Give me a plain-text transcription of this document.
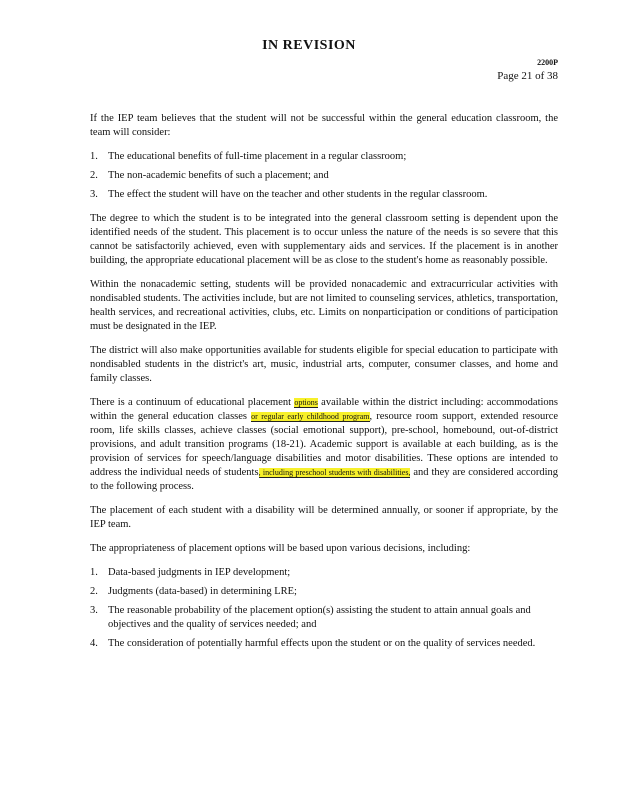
IN REVISION
2200P
Page 21 of 38

If the IEP team believes that the student will not be successful within the general education classroom, the team will consider:

1. The educational benefits of full-time placement in a regular classroom;
2. The non-academic benefits of such a placement; and
3. The effect the student will have on the teacher and other students in the regular classroom.

The degree to which the student is to be integrated into the general classroom setting is dependent upon the identified needs of the student. This placement is to occur unless the nature of the needs is so severe that this cannot be satisfactorily achieved, even with supplementary aids and services. If the placement is in another building, the appropriate educational placement will be as close to the student's home as reasonably possible.

Within the nonacademic setting, students will be provided nonacademic and extracurricular activities with nondisabled students. The activities include, but are not limited to counseling services, athletics, transportation, health services, and recreational activities, clubs, etc. Limits on nonparticipation or conditions of participation must be designated in the IEP.

The district will also make opportunities available for students eligible for special education to participate with nondisabled students in the district's art, music, industrial arts, computer, consumer classes, and home and family classes.

There is a continuum of educational placement options available within the district including: accommodations within the general education classes or regular early childhood program, resource room support, extended resource room, life skills classes, achieve classes (social emotional support), pre-school, homebound, out-of-district provisions, and adult transition programs (18-21). Academic support is available at each building, as is the provision of services for speech/language disabilities and motor disabilities. These options are intended to address the individual needs of students, including preschool students with disabilities, and they are considered according to the following process.

The placement of each student with a disability will be determined annually, or sooner if appropriate, by the IEP team.

The appropriateness of placement options will be based upon various decisions, including:

1. Data-based judgments in IEP development;
2. Judgments (data-based) in determining LRE;
3. The reasonable probability of the placement option(s) assisting the student to attain annual goals and objectives and the quality of services needed; and
4. The consideration of potentially harmful effects upon the student or on the quality of services needed.
